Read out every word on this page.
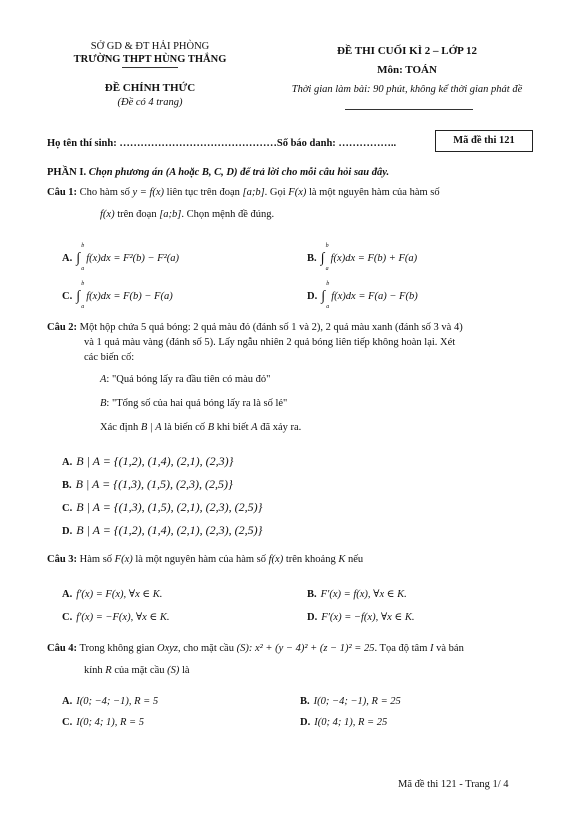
SỞ GD & ĐT HẢI PHÒNG
TRƯỜNG THPT HÙNG THẮNG
ĐỀ CHÍNH THỨC
(Đề có 4 trang)
ĐỀ THI CUỐI KÌ 2 – LỚP 12
Môn: TOÁN
Thời gian làm bài: 90 phút, không kể thời gian phát đề
Họ tên thí sinh: ………………………………………Số báo danh: ……………..	Mã đề thi 121
PHẦN I. Chọn phương án (A hoặc B, C, D) để trả lời cho mỗi câu hỏi sau đây.
Câu 1: Cho hàm số y = f(x) liên tục trên đoạn [a;b]. Gọi F(x) là một nguyên hàm của hàm số
f(x) trên đoạn [a;b]. Chọn mệnh đề đúng.
A. ∫
b
a
f(x)dx = F²(b) − F²(a)	B. ∫
b
a
f(x)dx = F(b) + F(a)
C. ∫
b
a
f(x)dx = F(b) − F(a)	D. ∫
b
a
f(x)dx = F(a) − F(b)
Câu 2: Một hộp chứa 5 quả bóng: 2 quả màu đỏ (đánh số 1 và 2), 2 quả màu xanh (đánh số 3 và 4)
và 1 quả màu vàng (đánh số 5). Lấy ngẫu nhiên 2 quả bóng liên tiếp không hoàn lại. Xét
các biến cố:
A: "Quả bóng lấy ra đầu tiên có màu đỏ"
B: "Tổng số của hai quả bóng lấy ra là số lẻ"
Xác định B | A là biến cố B khi biết A đã xảy ra.
A. B | A = {(1,2), (1,4), (2,1), (2,3)}
B. B | A = {(1,3), (1,5), (2,3), (2,5)}
C. B | A = {(1,3), (1,5), (2,1), (2,3), (2,5)}
D. B | A = {(1,2), (1,4), (2,1), (2,3), (2,5)}
Câu 3: Hàm số F(x) là một nguyên hàm của hàm số f(x) trên khoảng K nếu
A. f′(x) = F(x), ∀x ∈ K.	B. F′(x) = f(x), ∀x ∈ K.
C. f′(x) = −F(x), ∀x ∈ K.	D. F′(x) = −f(x), ∀x ∈ K.
Câu 4: Trong không gian Oxyz, cho mặt cầu (S): x² + (y − 4)² + (z − 1)² = 25. Tọa độ tâm I và bán
kính R của mặt cầu (S) là
A. I(0; −4; −1), R = 5	B. I(0; −4; −1), R = 25
C. I(0; 4; 1), R = 5	D. I(0; 4; 1), R = 25
Mã đề thi 121 - Trang 1/ 4
